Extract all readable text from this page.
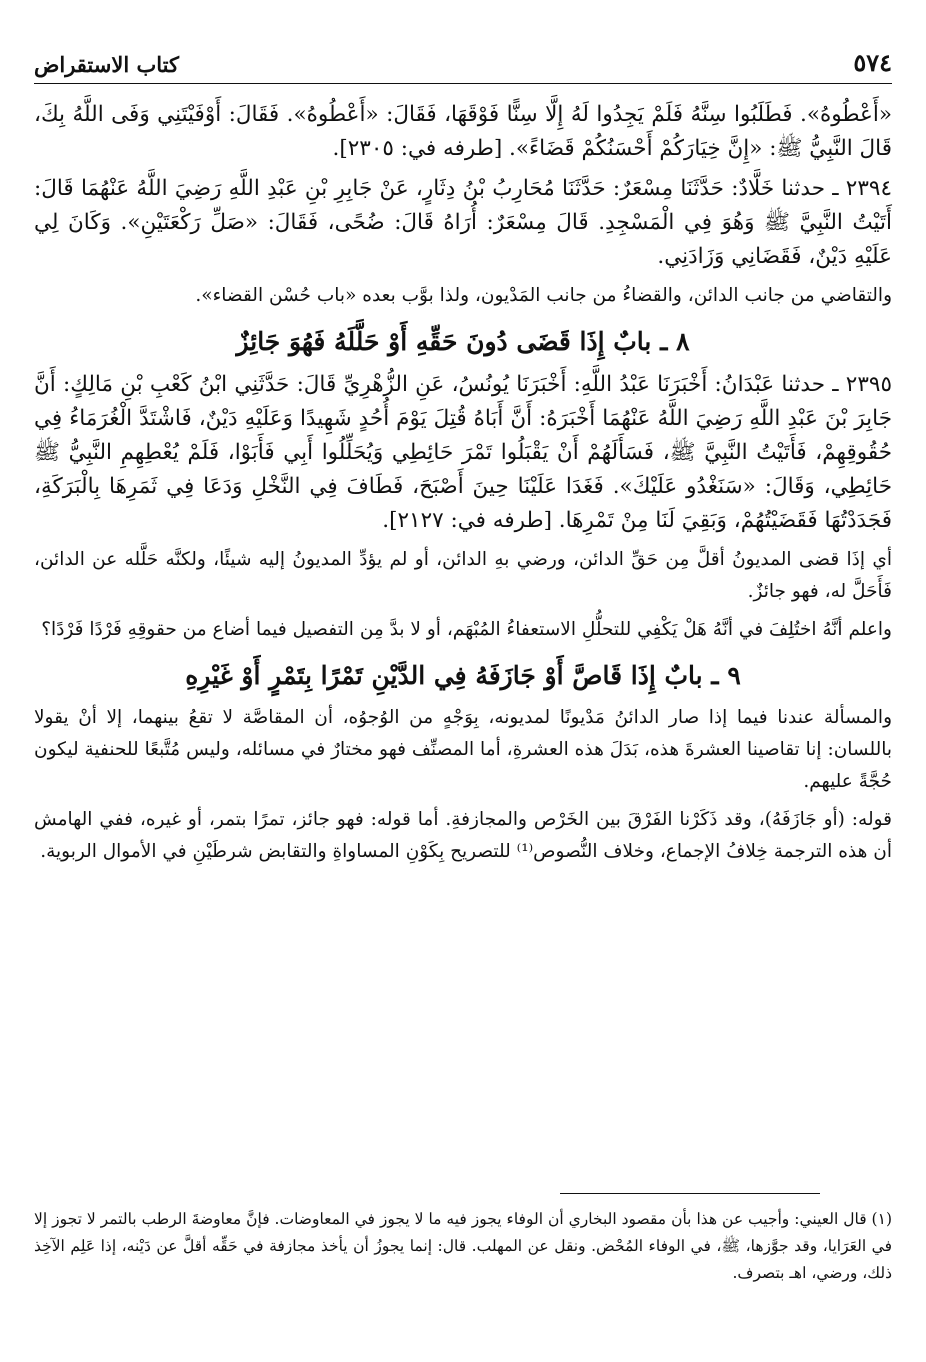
كتاب الاستقراض	٥٧٤

«أَعْطُوهُ». فَطَلَبُوا سِنَّهُ فَلَمْ يَجِدُوا لَهُ إِلَّا سِنًّا فَوْقَهَا، فَقَالَ: «أَعْطُوهُ». فَقَالَ: أَوْفَيْتَنِي وَفَى اللَّهُ بِكَ، قَالَ النَّبِيُّ ﷺ: «إِنَّ خِيَارَكُمْ أَحْسَنُكُمْ قَضَاءً». [طرفه في: ٢٣٠٥].

٢٣٩٤ ـ حدثنا خَلَّادٌ: حَدَّثَنَا مِسْعَرٌ: حَدَّثَنَا مُحَارِبُ بْنُ دِثَارٍ، عَنْ جَابِرِ بْنِ عَبْدِ اللَّهِ رَضِيَ اللَّهُ عَنْهُمَا قَالَ: أَتَيْتُ النَّبِيَّ ﷺ وَهُوَ فِي الْمَسْجِدِ. قَالَ مِسْعَرٌ: أُرَاهُ قَالَ: ضُحًى، فَقَالَ: «صَلِّ رَكْعَتَيْنِ». وَكَانَ لِي عَلَيْهِ دَيْنٌ، فَقَضَانِي وَزَادَنِي.

والتقاضي من جانب الدائن، والقضاءُ من جانب المَدْيون، ولذا بوَّب بعده «باب حُسْن القضاء».

٨ ـ بابٌ إِذَا قَضَى دُونَ حَقِّهِ أَوْ حَلَّلَهُ فَهُوَ جَائِزٌ

٢٣٩٥ ـ حدثنا عَبْدَانُ: أَخْبَرَنَا عَبْدُ اللَّهِ: أَخْبَرَنَا يُونُسُ، عَنِ الزُّهْرِيِّ قَالَ: حَدَّثَنِي ابْنُ كَعْبِ بْنِ مَالِكٍ: أَنَّ جَابِرَ بْنَ عَبْدِ اللَّهِ رَضِيَ اللَّهُ عَنْهُمَا أَخْبَرَهُ: أَنَّ أَبَاهُ قُتِلَ يَوْمَ أُحُدٍ شَهِيدًا وَعَلَيْهِ دَيْنٌ، فَاشْتَدَّ الْغُرَمَاءُ فِي حُقُوقِهِمْ، فَأَتَيْتُ النَّبِيَّ ﷺ، فَسَأَلَهُمْ أَنْ يَقْبَلُوا تَمْرَ حَائِطِي وَيُحَلِّلُوا أَبِي فَأَبَوْا، فَلَمْ يُعْطِهِمِ النَّبِيُّ ﷺ حَائِطِي، وَقَالَ: «سَنَغْدُو عَلَيْكَ». فَغَدَا عَلَيْنَا حِينَ أَصْبَحَ، فَطَافَ فِي النَّخْلِ وَدَعَا فِي ثَمَرِهَا بِالْبَرَكَةِ، فَجَدَدْتُهَا فَقَضَيْتُهُمْ، وَبَقِيَ لَنَا مِنْ تَمْرِهَا. [طرفه في: ٢١٢٧].

أي إذَا قضى المديونُ أقلَّ مِن حَقِّ الدائن، ورضي بهِ الدائن، أو لم يؤدِّ المديونُ إليه شيئًا، ولكنَّه حَلَّله عن الدائن، فَأَحَلَّ له، فهو جائزٌ.

واعلم أنَّهُ اختُلِفَ في أنَّهُ هَلْ يَكْفِي للتحلُّلِ الاستعفاءُ المُبْهَم، أو لا بدَّ مِن التفصيل فيما أضاع من حقوقِهِ فَرْدًا فَرْدًا؟

٩ ـ بابٌ إِذَا قَاصَّ أَوْ جَازَفَهُ فِي الدَّيْنِ تَمْرًا بِتَمْرٍ أَوْ غَيْرِهِ

والمسألة عندنا فيما إذا صار الدائنُ مَدْيونًا لمديونه، بِوَجْهٍ من الوُجوُه، أن المقاصَّة لا تقعُ بينهما، إلا أنْ يقولا باللسان: إنا تقاصينا العشرةَ هذه، بَدَلَ هذه العشرةِ، أما المصنِّف فهو مختارٌ في مسائله، وليس مُتَّبعًا للحنفية ليكون حُجَّةً عليهم.

قوله: (أو جَازَفَهُ)، وقد ذَكَرْنا الفَرْقَ بين الخَرْص والمجازفةِ. أما قوله: فهو جائز، تمرًا بتمر، أو غيره، ففي الهامش أن هذه الترجمة خِلافُ الإجماع، وخلاف النُّصوص⁽¹⁾ للتصريح بِكَوْنِ المساواةِ والتقابض شرطَيْنِ في الأموال الربوية.

(١) قال العيني: وأجيب عن هذا بأن مقصود البخاري أن الوفاء يجوز فيه ما لا يجوز في المعاوضات. فإنَّ معاوضةَ الرطب بالتمر لا تجوز إلا في العَرَايا، وقد جوَّزها، ﷺ، في الوفاء المُحْض. ونقل عن المهلب. قال: إنما يجوزُ أن يأخذ مجازفة في حَقِّه أقلَّ عن دَيْنه، إذا عَلِم الآخِذ ذلك، ورضي، اهـ بتصرف.
